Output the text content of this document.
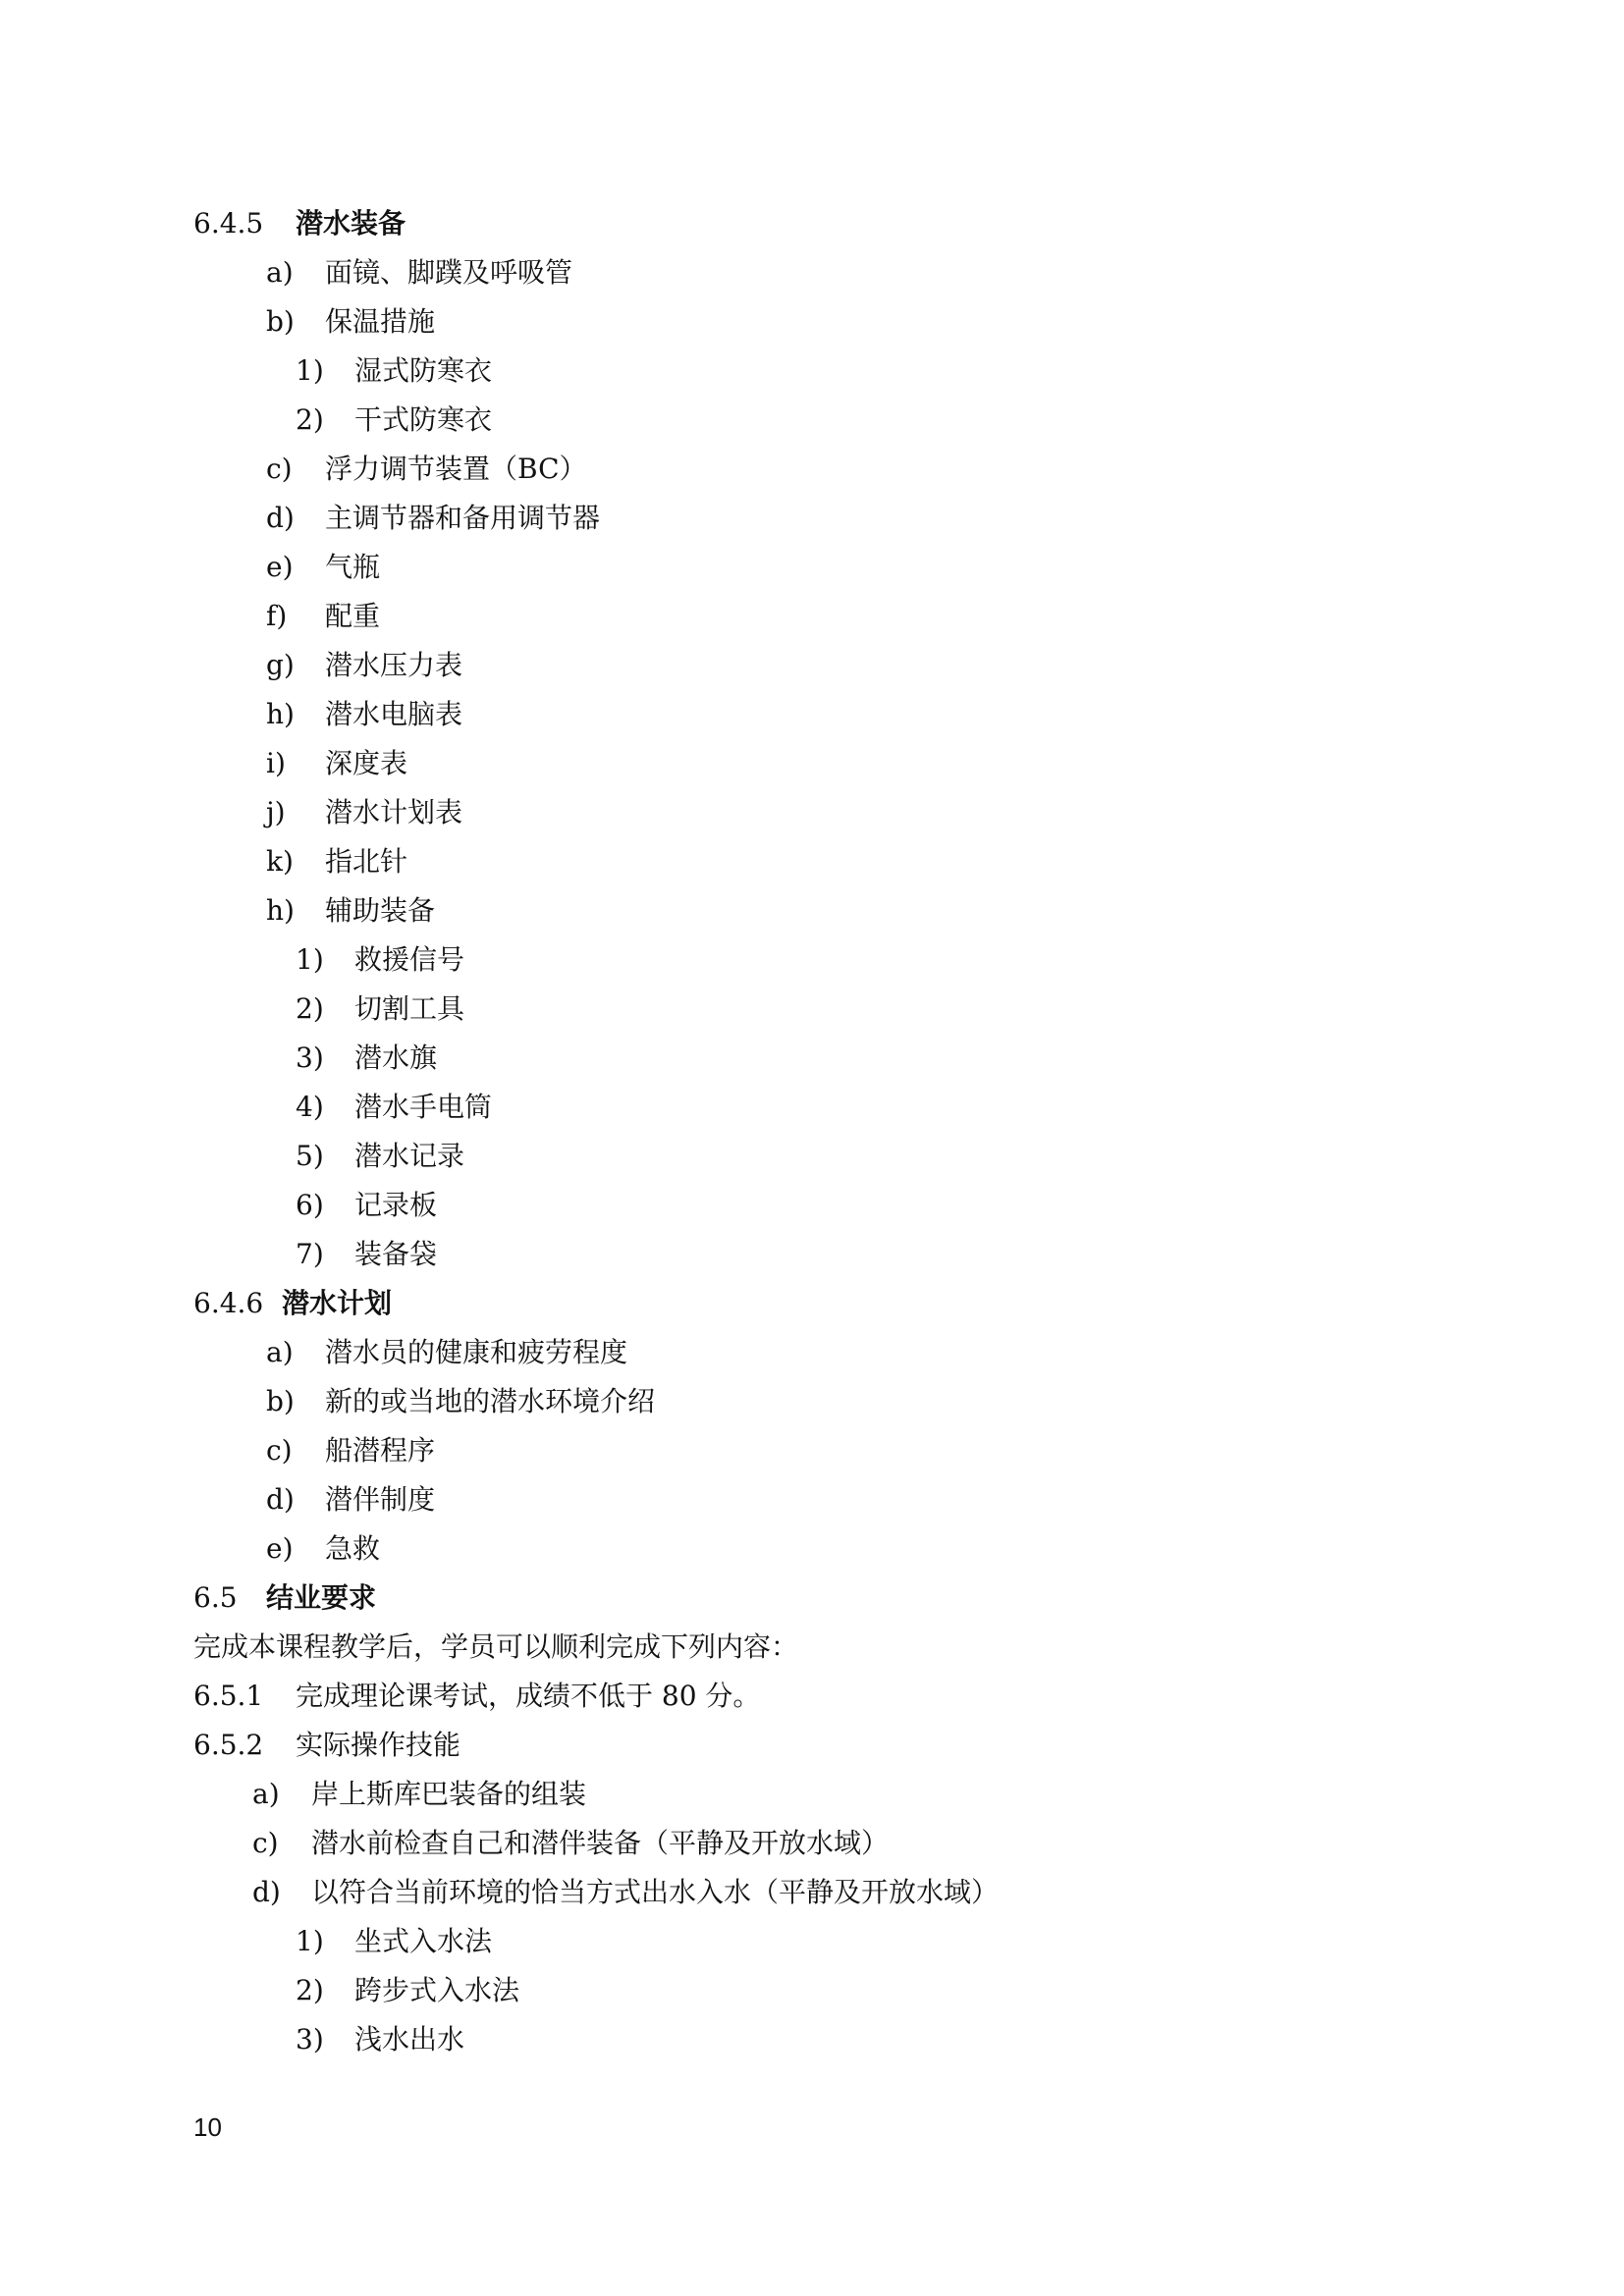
6.4.5 潜水装备
a) 面镜、脚蹼及呼吸管
b) 保温措施
1) 湿式防寒衣
2) 干式防寒衣
c) 浮力调节装置（BC）
d) 主调节器和备用调节器
e) 气瓶
f) 配重
g) 潜水压力表
h) 潜水电脑表
i) 深度表
j) 潜水计划表
k) 指北针
h) 辅助装备
1) 救援信号
2) 切割工具
3) 潜水旗
4) 潜水手电筒
5) 潜水记录
6) 记录板
7) 装备袋
6.4.6 潜水计划
a) 潜水员的健康和疲劳程度
b) 新的或当地的潜水环境介绍
c) 船潜程序
d) 潜伴制度
e) 急救
6.5 结业要求
完成本课程教学后，学员可以顺利完成下列内容：
6.5.1 完成理论课考试，成绩不低于 80 分。
6.5.2 实际操作技能
a) 岸上斯库巴装备的组装
c) 潜水前检查自己和潜伴装备（平静及开放水域）
d) 以符合当前环境的恰当方式出水入水（平静及开放水域）
1) 坐式入水法
2) 跨步式入水法
3) 浅水出水
10
